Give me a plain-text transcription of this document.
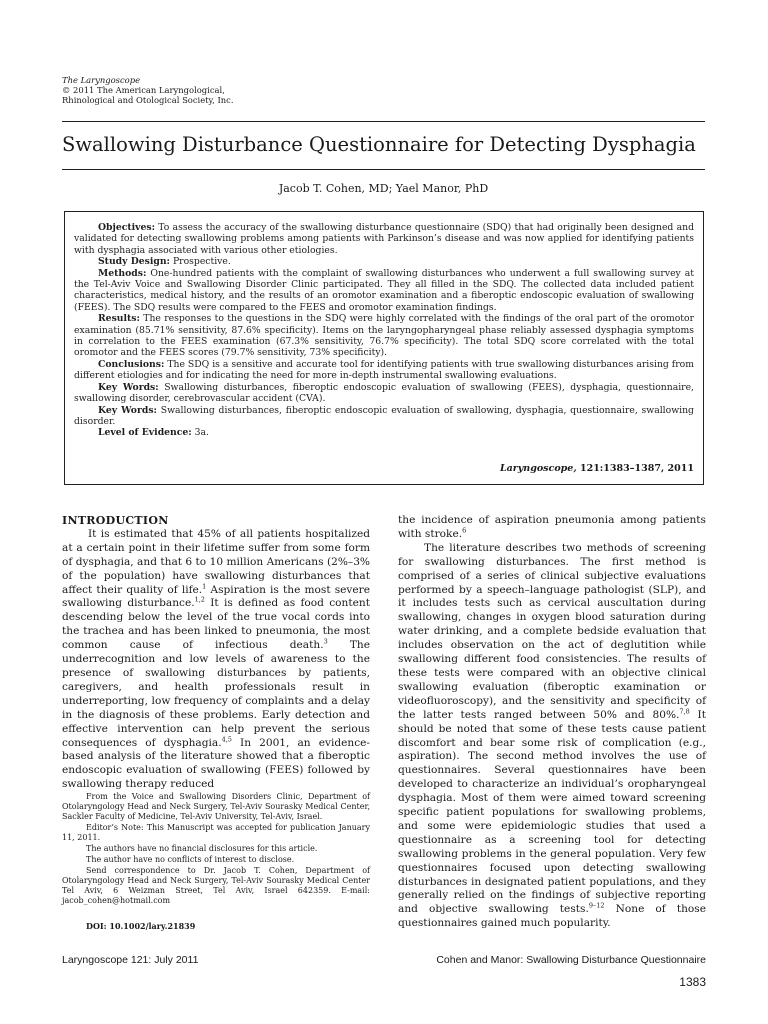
The Laryngoscope
© 2011 The American Laryngological,
Rhinological and Otological Society, Inc.
Swallowing Disturbance Questionnaire for Detecting Dysphagia
Jacob T. Cohen, MD; Yael Manor, PhD

Objectives: To assess the accuracy of the swallowing disturbance questionnaire (SDQ) that had originally been designed and validated for detecting swallowing problems among patients with Parkinson’s disease and was now applied for identifying patients with dysphagia associated with various other etiologies.

Study Design: Prospective.

Methods: One-hundred patients with the complaint of swallowing disturbances who underwent a full swallowing survey at the Tel-Aviv Voice and Swallowing Disorder Clinic participated. They all filled in the SDQ. The collected data included patient characteristics, medical history, and the results of an oromotor examination and a fiberoptic endoscopic evaluation of swallowing (FEES). The SDQ results were compared to the FEES and oromotor examination findings.

Results: The responses to the questions in the SDQ were highly correlated with the findings of the oral part of the oromotor examination (85.71% sensitivity, 87.6% specificity). Items on the laryngopharyngeal phase reliably assessed dysphagia symptoms in correlation to the FEES examination (67.3% sensitivity, 76.7% specificity). The total SDQ score correlated with the total oromotor and the FEES scores (79.7% sensitivity, 73% specificity).

Conclusions: The SDQ is a sensitive and accurate tool for identifying patients with true swallowing disturbances arising from different etiologies and for indicating the need for more in-depth instrumental swallowing evaluations.

Key Words: Swallowing disturbances, fiberoptic endoscopic evaluation of swallowing (FEES), dysphagia, questionnaire, swallowing disorder, cerebrovascular accident (CVA).

Key Words: Swallowing disturbances, fiberoptic endoscopic evaluation of swallowing, dysphagia, questionnaire, swallowing disorder.

Level of Evidence: 3a.

Laryngoscope, 121:1383–1387, 2011

INTRODUCTION

It is estimated that 45% of all patients hospitalized at a certain point in their lifetime suffer from some form of dysphagia, and that 6 to 10 million Americans (2%–3% of the population) have swallowing disturbances that affect their quality of life.$^1$ Aspiration is the most severe swallowing disturbance.$^{1,2}$ It is defined as food content descending below the level of the true vocal cords into the trachea and has been linked to pneumonia, the most common cause of infectious death.$^3$ The underrecognition and low levels of awareness to the presence of swallowing disturbances by patients, caregivers, and health professionals result in underreporting, low frequency of complaints and a delay in the diagnosis of these problems. Early detection and effective intervention can help prevent the serious consequences of dysphagia.$^{4,5}$ In 2001, an evidence-based analysis of the literature showed that a fiberoptic endoscopic evaluation of swallowing (FEES) followed by swallowing therapy reduced

the incidence of aspiration pneumonia among patients with stroke.$^6$

The literature describes two methods of screening for swallowing disturbances. The first method is comprised of a series of clinical subjective evaluations performed by a speech–language pathologist (SLP), and it includes tests such as cervical auscultation during swallowing, changes in oxygen blood saturation during water drinking, and a complete bedside evaluation that includes observation on the act of deglutition while swallowing different food consistencies. The results of these tests were compared with an objective clinical swallowing evaluation (fiberoptic examination or videofluoroscopy), and the sensitivity and specificity of the latter tests ranged between 50% and 80%.$^{7,8}$ It should be noted that some of these tests cause patient discomfort and bear some risk of complication (e.g., aspiration). The second method involves the use of questionnaires. Several questionnaires have been developed to characterize an individual’s oropharyngeal dysphagia. Most of them were aimed toward screening specific patient populations for swallowing problems, and some were epidemiologic studies that used a questionnaire as a screening tool for detecting swallowing problems in the general population. Very few questionnaires focused upon detecting swallowing disturbances in designated patient populations, and they generally relied on the findings of subjective reporting and objective swallowing tests.$^{9-12}$ None of those questionnaires gained much popularity.

From the Voice and Swallowing Disorders Clinic, Department of Otolaryngology Head and Neck Surgery, Tel-Aviv Sourasky Medical Center, Sackler Faculty of Medicine, Tel-Aviv University, Tel-Aviv, Israel.

Editor’s Note: This Manuscript was accepted for publication January 11, 2011.

The authors have no financial disclosures for this article.

The author have no conflicts of interest to disclose.

Send correspondence to Dr. Jacob T. Cohen, Department of Otolaryngology Head and Neck Surgery, Tel-Aviv Sourasky Medical Center Tel Aviv, 6 Weizman Street, Tel Aviv, Israel 642359. E-mail: jacob_cohen@hotmail.com

DOI: 10.1002/lary.21839
Laryngoscope 121: July 2011	Cohen and Manor: Swallowing Disturbance Questionnaire
1383
